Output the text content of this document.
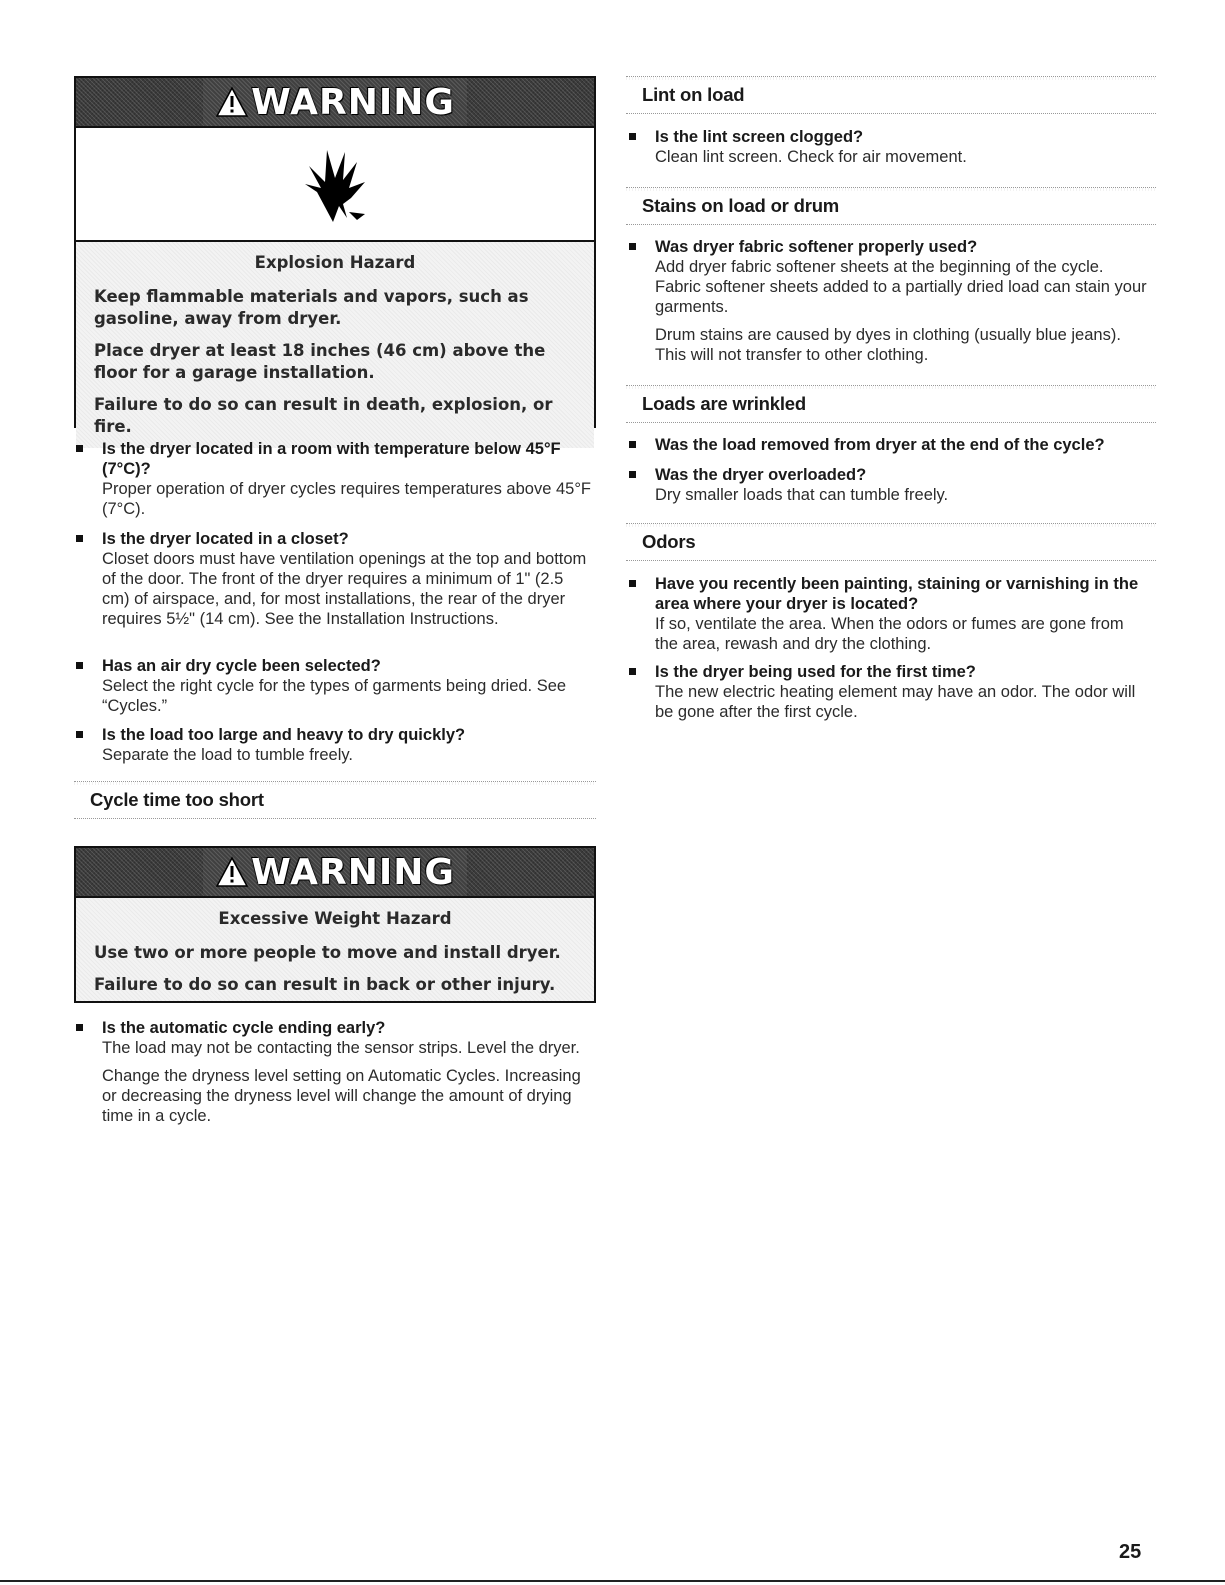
WARNING
Explosion Hazard

Keep flammable materials and vapors, such as gasoline, away from dryer.

Place dryer at least 18 inches (46 cm) above the floor for a garage installation.

Failure to do so can result in death, explosion, or fire.

Is the dryer located in a room with temperature below 45°F (7°C)?
Proper operation of dryer cycles requires temperatures above 45°F (7°C).
Is the dryer located in a closet?
Closet doors must have ventilation openings at the top and bottom of the door. The front of the dryer requires a minimum of 1" (2.5 cm) of airspace, and, for most installations, the rear of the dryer requires 5½" (14 cm). See the Installation Instructions.
Has an air dry cycle been selected?
Select the right cycle for the types of garments being dried. See “Cycles.”
Is the load too large and heavy to dry quickly?
Separate the load to tumble freely.
Cycle time too short
WARNING
Excessive Weight Hazard

Use two or more people to move and install dryer.

Failure to do so can result in back or other injury.

Is the automatic cycle ending early?
The load may not be contacting the sensor strips. Level the dryer.
Change the dryness level setting on Automatic Cycles. Increasing or decreasing the dryness level will change the amount of drying time in a cycle.
Lint on load
Is the lint screen clogged?
Clean lint screen. Check for air movement.
Stains on load or drum
Was dryer fabric softener properly used?
Add dryer fabric softener sheets at the beginning of the cycle. Fabric softener sheets added to a partially dried load can stain your garments.
Drum stains are caused by dyes in clothing (usually blue jeans). This will not transfer to other clothing.
Loads are wrinkled
Was the load removed from dryer at the end of the cycle?
Was the dryer overloaded?
Dry smaller loads that can tumble freely.
Odors
Have you recently been painting, staining or varnishing in the area where your dryer is located?
If so, ventilate the area. When the odors or fumes are gone from the area, rewash and dry the clothing.
Is the dryer being used for the first time?
The new electric heating element may have an odor. The odor will be gone after the first cycle.
25
